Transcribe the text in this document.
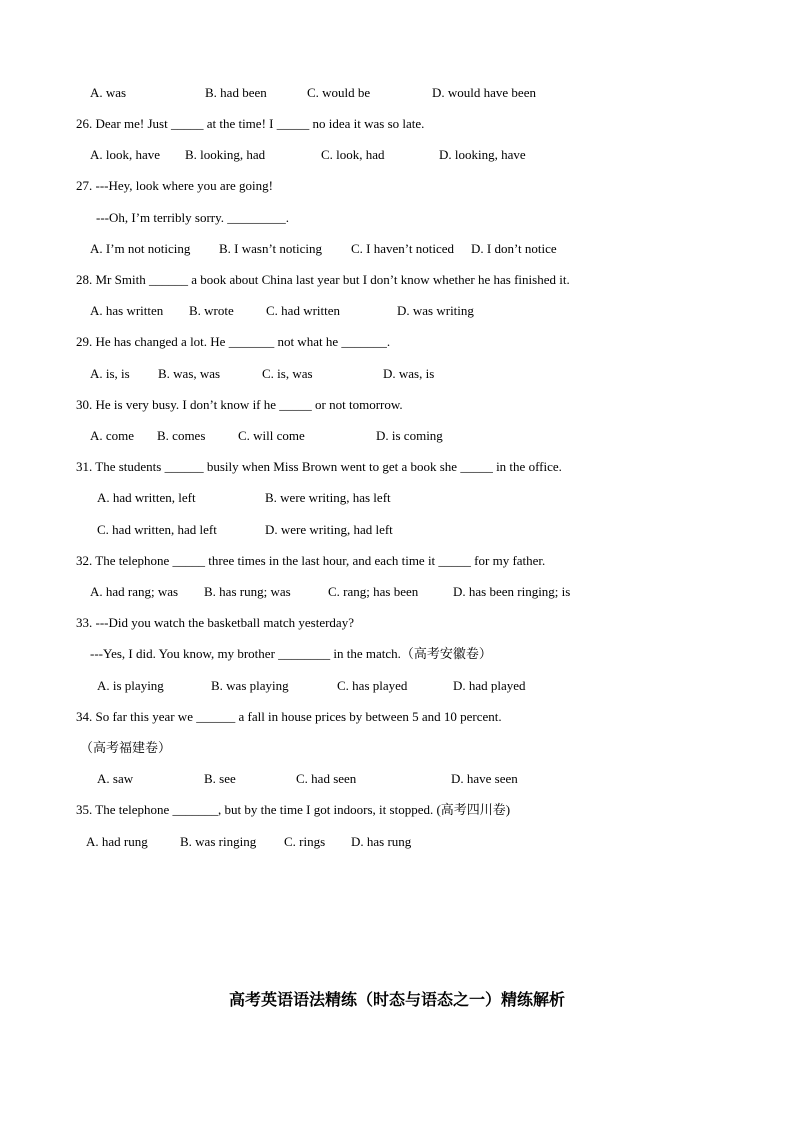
A. was	B. had been	C. would be	D. would have been
26. Dear me! Just _____ at the time! I _____ no idea it was so late.
A. look, have B. looking, had	C. look, had	D. looking, have
27. ---Hey, look where you are going!
---Oh, I’m terribly sorry. _________.
A. I’m not noticing B. I wasn’t noticing C. I haven’t noticed D. I don’t notice
28. Mr Smith ______ a book about China last year but I don’t know whether he has finished it.
A. has written B. wrote C. had written	D. was writing
29. He has changed a lot. He _______ not what he _______.
A. is, is B. was, was	C. is, was	D. was, is
30. He is very busy. I don’t know if he _____ or not tomorrow.
A. come B. comes	C. will come	D. is coming
31. The students ______ busily when Miss Brown went to get a book she _____ in the office.
A. had written, left	B. were writing, has left
C. had written, had left	D. were writing, had left
32. The telephone _____ three times in the last hour, and each time it _____ for my father.
A. had rang; was B. has rung; was	C. rang; has been	D. has been ringing; is
33. ---Did you watch the basketball match yesterday?
---Yes, I did. You know, my brother ________ in the match.（高考安徽卷）
A. is playing	B. was playing	C. has played	D. had played
34. So far this year we ______ a fall in house prices by between 5 and 10 percent.
（高考福建卷）
A. saw	B. see	C. had seen	D. have seen
35. The telephone _______, but by the time I got indoors, it stopped. (高考四川卷)
A. had rung B. was ringing C. rings D. has rung
高考英语语法精练（时态与语态之一）精练解析
